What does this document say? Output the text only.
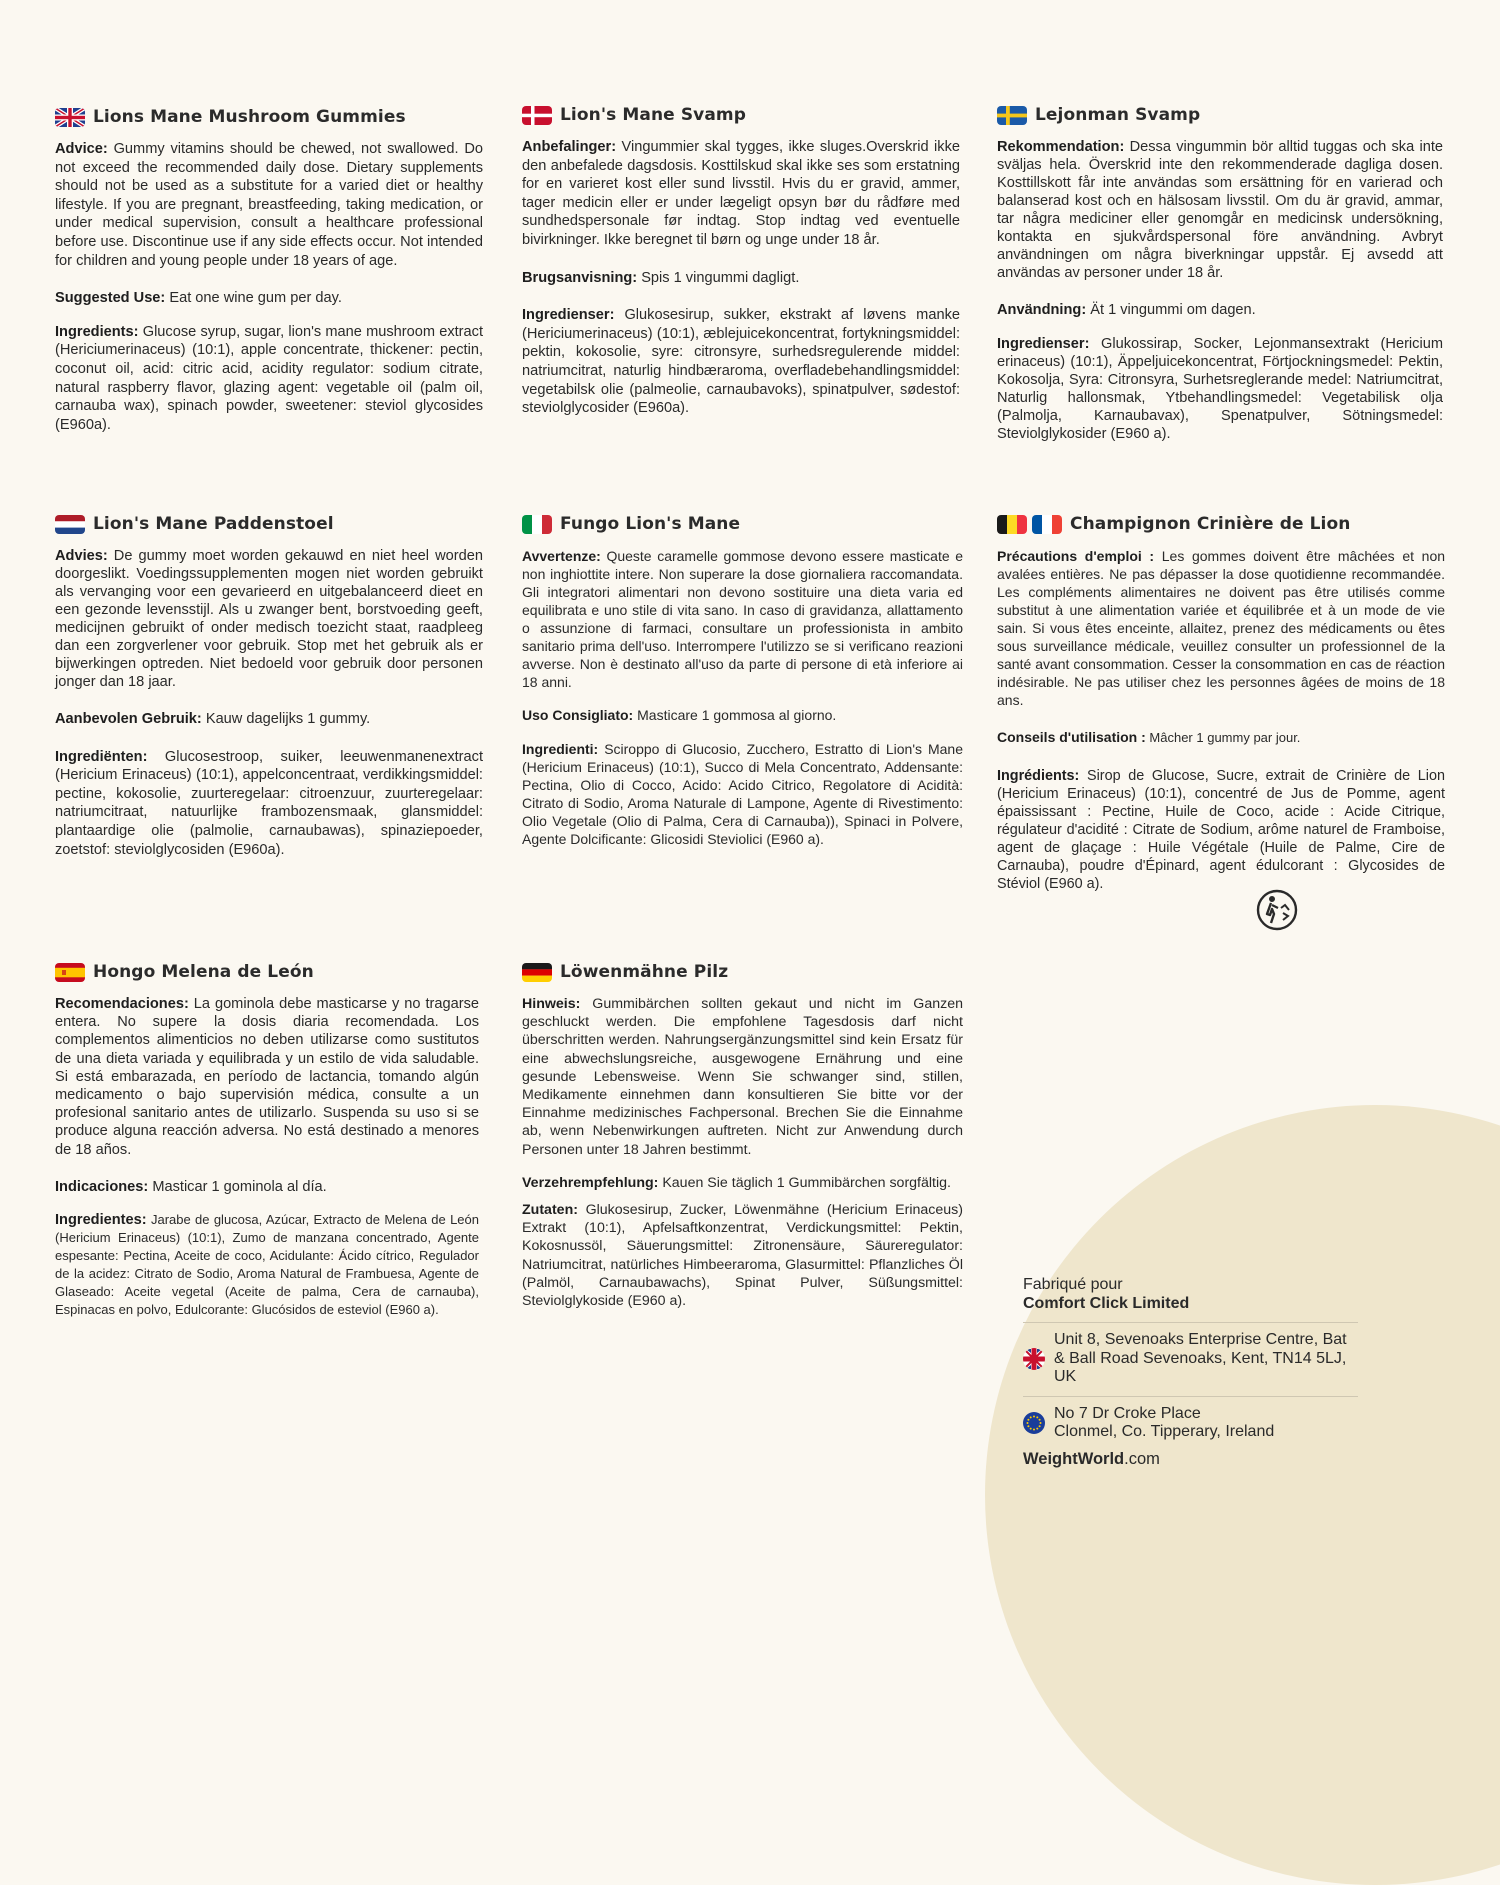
Lions Mane Mushroom Gummies

Advice: Gummy vitamins should be chewed, not swallowed. Do not exceed the recommended daily dose. Dietary supplements should not be used as a substitute for a varied diet or healthy lifestyle. If you are pregnant, breastfeeding, taking medication, or under medical supervision, consult a healthcare professional before use. Discontinue use if any side effects occur. Not intended for children and young people under 18 years of age.

Suggested Use: Eat one wine gum per day.

Ingredients: Glucose syrup, sugar, lion's mane mushroom extract (Hericiumerinaceus) (10:1), apple concentrate, thickener: pectin, coconut oil, acid: citric acid, acidity regulator: sodium citrate, natural raspberry flavor, glazing agent: vegetable oil (palm oil, carnauba wax), spinach powder, sweetener: steviol glycosides (E960a).

Lion's Mane Svamp

Anbefalinger: Vingummier skal tygges, ikke sluges.Overskrid ikke den anbefalede dagsdosis. Kosttilskud skal ikke ses som erstatning for en varieret kost eller sund livsstil. Hvis du er gravid, ammer, tager medicin eller er under lægeligt opsyn bør du rådføre med sundhedspersonale før indtag. Stop indtag ved eventuelle bivirkninger. Ikke beregnet til børn og unge under 18 år.

Brugsanvisning: Spis 1 vingummi dagligt.

Ingredienser: Glukosesirup, sukker, ekstrakt af løvens manke (Hericiumerinaceus) (10:1), æblejuicekoncentrat, fortykningsmiddel: pektin, kokosolie, syre: citronsyre, surhedsregulerende middel: natriumcitrat, naturlig hindbæraroma, overfladebehandlingsmiddel: vegetabilsk olie (palmeolie, carnaubavoks), spinatpulver, sødestof: steviolglycosider (E960a).

Lejonman Svamp

Rekommendation: Dessa vingummin bör alltid tuggas och ska inte sväljas hela. Överskrid inte den rekommenderade dagliga dosen. Kosttillskott får inte användas som ersättning för en varierad och balanserad kost och en hälsosam livsstil. Om du är gravid, ammar, tar några mediciner eller genomgår en medicinsk undersökning, kontakta en sjukvårdspersonal före användning. Avbryt användningen om några biverkningar uppstår. Ej avsedd att användas av personer under 18 år.

Användning: Ät 1 vingummi om dagen.

Ingredienser: Glukossirap, Socker, Lejonmansextrakt (Hericium erinaceus) (10:1), Äppeljuicekoncentrat, Förtjockningsmedel: Pektin, Kokosolja, Syra: Citronsyra, Surhetsreglerande medel: Natriumcitrat, Naturlig hallonsmak, Ytbehandlingsmedel: Vegetabilisk olja (Palmolja, Karnaubavax), Spenatpulver, Sötningsmedel: Steviolglykosider (E960 a).

Lion's Mane Paddenstoel

Advies: De gummy moet worden gekauwd en niet heel worden doorgeslikt. Voedingssupplementen mogen niet worden gebruikt als vervanging voor een gevarieerd en uitgebalanceerd dieet en een gezonde levensstijl. Als u zwanger bent, borstvoeding geeft, medicijnen gebruikt of onder medisch toezicht staat, raadpleeg dan een zorgverlener voor gebruik. Stop met het gebruik als er bijwerkingen optreden. Niet bedoeld voor gebruik door personen jonger dan 18 jaar.

Aanbevolen Gebruik: Kauw dagelijks 1 gummy.

Ingrediënten: Glucosestroop, suiker, leeuwenmanenextract (Hericium Erinaceus) (10:1), appelconcentraat, verdikkingsmiddel: pectine, kokosolie, zuurteregelaar: citroenzuur, zuurteregelaar: natriumcitraat, natuurlijke frambozensmaak, glansmiddel: plantaardige olie (palmolie, carnaubawas), spinaziepoeder, zoetstof: steviolglycosiden (E960a).

Fungo Lion's Mane

Avvertenze: Queste caramelle gommose devono essere masticate e non inghiottite intere. Non superare la dose giornaliera raccomandata. Gli integratori alimentari non devono sostituire una dieta varia ed equilibrata e uno stile di vita sano. In caso di gravidanza, allattamento o assunzione di farmaci, consultare un professionista in ambito sanitario prima dell'uso. Interrompere l'utilizzo se si verificano reazioni avverse. Non è destinato all'uso da parte di persone di età inferiore ai 18 anni.

Uso Consigliato: Masticare 1 gommosa al giorno.

Ingredienti: Sciroppo di Glucosio, Zucchero, Estratto di Lion's Mane (Hericium Erinaceus) (10:1), Succo di Mela Concentrato, Addensante: Pectina, Olio di Cocco, Acido: Acido Citrico, Regolatore di Acidità: Citrato di Sodio, Aroma Naturale di Lampone, Agente di Rivestimento: Olio Vegetale (Olio di Palma, Cera di Carnauba)), Spinaci in Polvere, Agente Dolcificante: Glicosidi Steviolici (E960 a).

Champignon Crinière de Lion

Précautions d'emploi : Les gommes doivent être mâchées et non avalées entières. Ne pas dépasser la dose quotidienne recommandée. Les compléments alimentaires ne doivent pas être utilisés comme substitut à une alimentation variée et équilibrée et à un mode de vie sain. Si vous êtes enceinte, allaitez, prenez des médicaments ou êtes sous surveillance médicale, veuillez consulter un professionnel de la santé avant consommation. Cesser la consommation en cas de réaction indésirable. Ne pas utiliser chez les personnes âgées de moins de 18 ans.

Conseils d'utilisation : Mâcher 1 gummy par jour.

Ingrédients: Sirop de Glucose, Sucre, extrait de Crinière de Lion (Hericium Erinaceus) (10:1), concentré de Jus de Pomme, agent épaississant : Pectine, Huile de Coco, acide : Acide Citrique, régulateur d'acidité : Citrate de Sodium, arôme naturel de Framboise, agent de glaçage : Huile Végétale (Huile de Palme, Cire de Carnauba), poudre d'Épinard, agent édulcorant : Glycosides de Stéviol (E960 a).

Hongo Melena de León

Recomendaciones: La gominola debe masticarse y no tragarse entera. No supere la dosis diaria recomendada. Los complementos alimenticios no deben utilizarse como sustitutos de una dieta variada y equilibrada y un estilo de vida saludable. Si está embarazada, en período de lactancia, tomando algún medicamento o bajo supervisión médica, consulte a un profesional sanitario antes de utilizarlo. Suspenda su uso si se produce alguna reacción adversa. No está destinado a menores de 18 años.

Indicaciones: Masticar 1 gominola al día.

Ingredientes: Jarabe de glucosa, Azúcar, Extracto de Melena de León (Hericium Erinaceus) (10:1), Zumo de manzana concentrado, Agente espesante: Pectina, Aceite de coco, Acidulante: Ácido cítrico, Regulador de la acidez: Citrato de Sodio, Aroma Natural de Frambuesa, Agente de Glaseado: Aceite vegetal (Aceite de palma, Cera de carnauba), Espinacas en polvo, Edulcorante: Glucósidos de esteviol (E960 a).

Löwenmähne Pilz

Hinweis: Gummibärchen sollten gekaut und nicht im Ganzen geschluckt werden. Die empfohlene Tagesdosis darf nicht überschritten werden. Nahrungsergänzungsmittel sind kein Ersatz für eine abwechslungsreiche, ausgewogene Ernährung und eine gesunde Lebensweise. Wenn Sie schwanger sind, stillen, Medikamente einnehmen dann konsultieren Sie bitte vor der Einnahme medizinisches Fachpersonal. Brechen Sie die Einnahme ab, wenn Nebenwirkungen auftreten. Nicht zur Anwendung durch Personen unter 18 Jahren bestimmt.

Verzehrempfehlung: Kauen Sie täglich 1 Gummibärchen sorgfältig.

Zutaten: Glukosesirup, Zucker, Löwenmähne (Hericium Erinaceus) Extrakt (10:1), Apfelsaftkonzentrat, Verdickungsmittel: Pektin, Kokosnussöl, Säuerungsmittel: Zitronensäure, Säureregulator: Natriumcitrat, natürliches Himbeeraroma, Glasurmittel: Pflanzliches Öl (Palmöl, Carnaubawachs), Spinat Pulver, Süßungsmittel: Steviolglykoside (E960 a).

Fabriqué pour
Comfort Click Limited
Unit 8, Sevenoaks Enterprise Centre, Bat & Ball Road Sevenoaks, Kent, TN14 5LJ, UK
No 7 Dr Croke Place
Clonmel, Co. Tipperary, Ireland
WeightWorld.com
